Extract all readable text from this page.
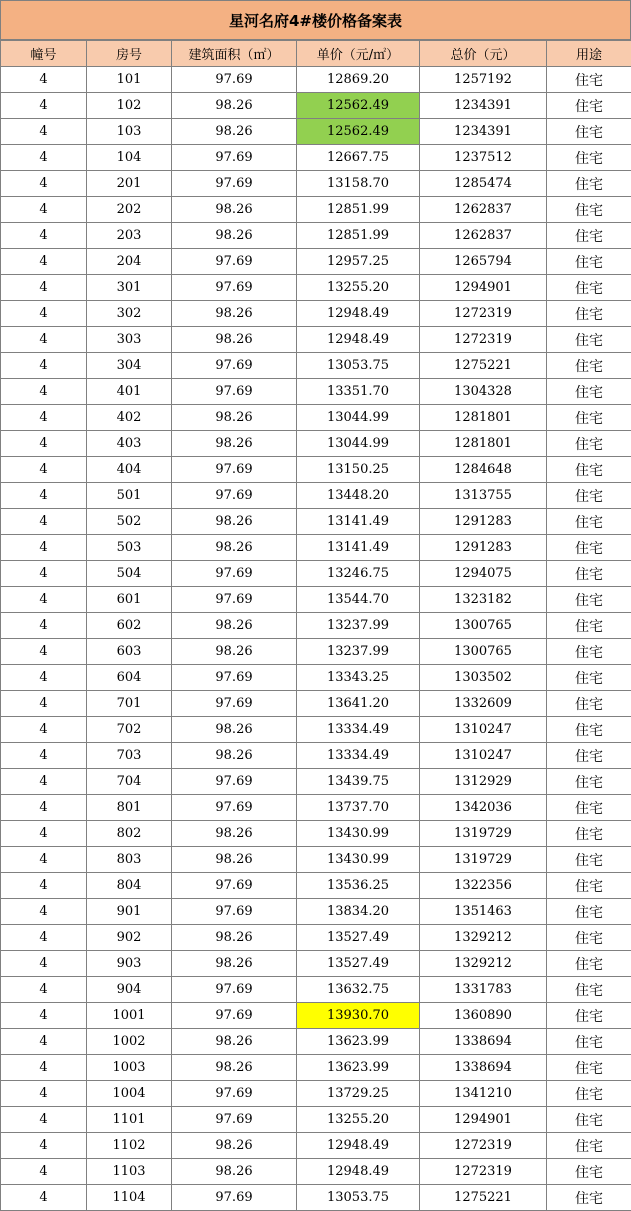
星河名府4#楼价格备案表
幢号	房号	建筑面积（㎡）	单价（元/㎡）	总价（元）	用途
4	101	97.69	12869.20	1257192	住宅
4	102	98.26	12562.49	1234391	住宅
4	103	98.26	12562.49	1234391	住宅
4	104	97.69	12667.75	1237512	住宅
4	201	97.69	13158.70	1285474	住宅
4	202	98.26	12851.99	1262837	住宅
4	203	98.26	12851.99	1262837	住宅
4	204	97.69	12957.25	1265794	住宅
4	301	97.69	13255.20	1294901	住宅
4	302	98.26	12948.49	1272319	住宅
4	303	98.26	12948.49	1272319	住宅
4	304	97.69	13053.75	1275221	住宅
4	401	97.69	13351.70	1304328	住宅
4	402	98.26	13044.99	1281801	住宅
4	403	98.26	13044.99	1281801	住宅
4	404	97.69	13150.25	1284648	住宅
4	501	97.69	13448.20	1313755	住宅
4	502	98.26	13141.49	1291283	住宅
4	503	98.26	13141.49	1291283	住宅
4	504	97.69	13246.75	1294075	住宅
4	601	97.69	13544.70	1323182	住宅
4	602	98.26	13237.99	1300765	住宅
4	603	98.26	13237.99	1300765	住宅
4	604	97.69	13343.25	1303502	住宅
4	701	97.69	13641.20	1332609	住宅
4	702	98.26	13334.49	1310247	住宅
4	703	98.26	13334.49	1310247	住宅
4	704	97.69	13439.75	1312929	住宅
4	801	97.69	13737.70	1342036	住宅
4	802	98.26	13430.99	1319729	住宅
4	803	98.26	13430.99	1319729	住宅
4	804	97.69	13536.25	1322356	住宅
4	901	97.69	13834.20	1351463	住宅
4	902	98.26	13527.49	1329212	住宅
4	903	98.26	13527.49	1329212	住宅
4	904	97.69	13632.75	1331783	住宅
4	1001	97.69	13930.70	1360890	住宅
4	1002	98.26	13623.99	1338694	住宅
4	1003	98.26	13623.99	1338694	住宅
4	1004	97.69	13729.25	1341210	住宅
4	1101	97.69	13255.20	1294901	住宅
4	1102	98.26	12948.49	1272319	住宅
4	1103	98.26	12948.49	1272319	住宅
4	1104	97.69	13053.75	1275221	住宅
